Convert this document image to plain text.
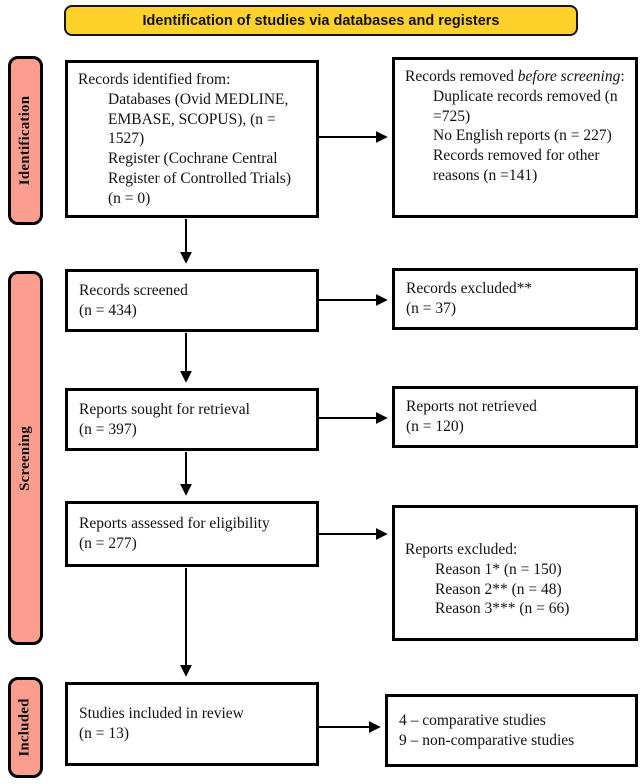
Identification of studies via databases and registers
Identification
Screening
Included
Records identified from:
Databases (Ovid MEDLINE, EMBASE, SCOPUS), (n = 1527)
Register (Cochrane Central Register of Controlled Trials) (n = 0)
Records screened
(n = 434)
Reports sought for retrieval
(n = 397)
Reports assessed for eligibility
(n = 277)
Studies included in review
(n = 13)
Records removed before screening:
Duplicate records removed (n =725)
No English reports (n = 227)
Records removed for other reasons (n =141)
Records excluded**
(n = 37)
Reports not retrieved
(n = 120)
Reports excluded:
Reason 1* (n = 150)
Reason 2** (n = 48)
Reason 3*** (n = 66)
4 – comparative studies
9 – non-comparative studies
